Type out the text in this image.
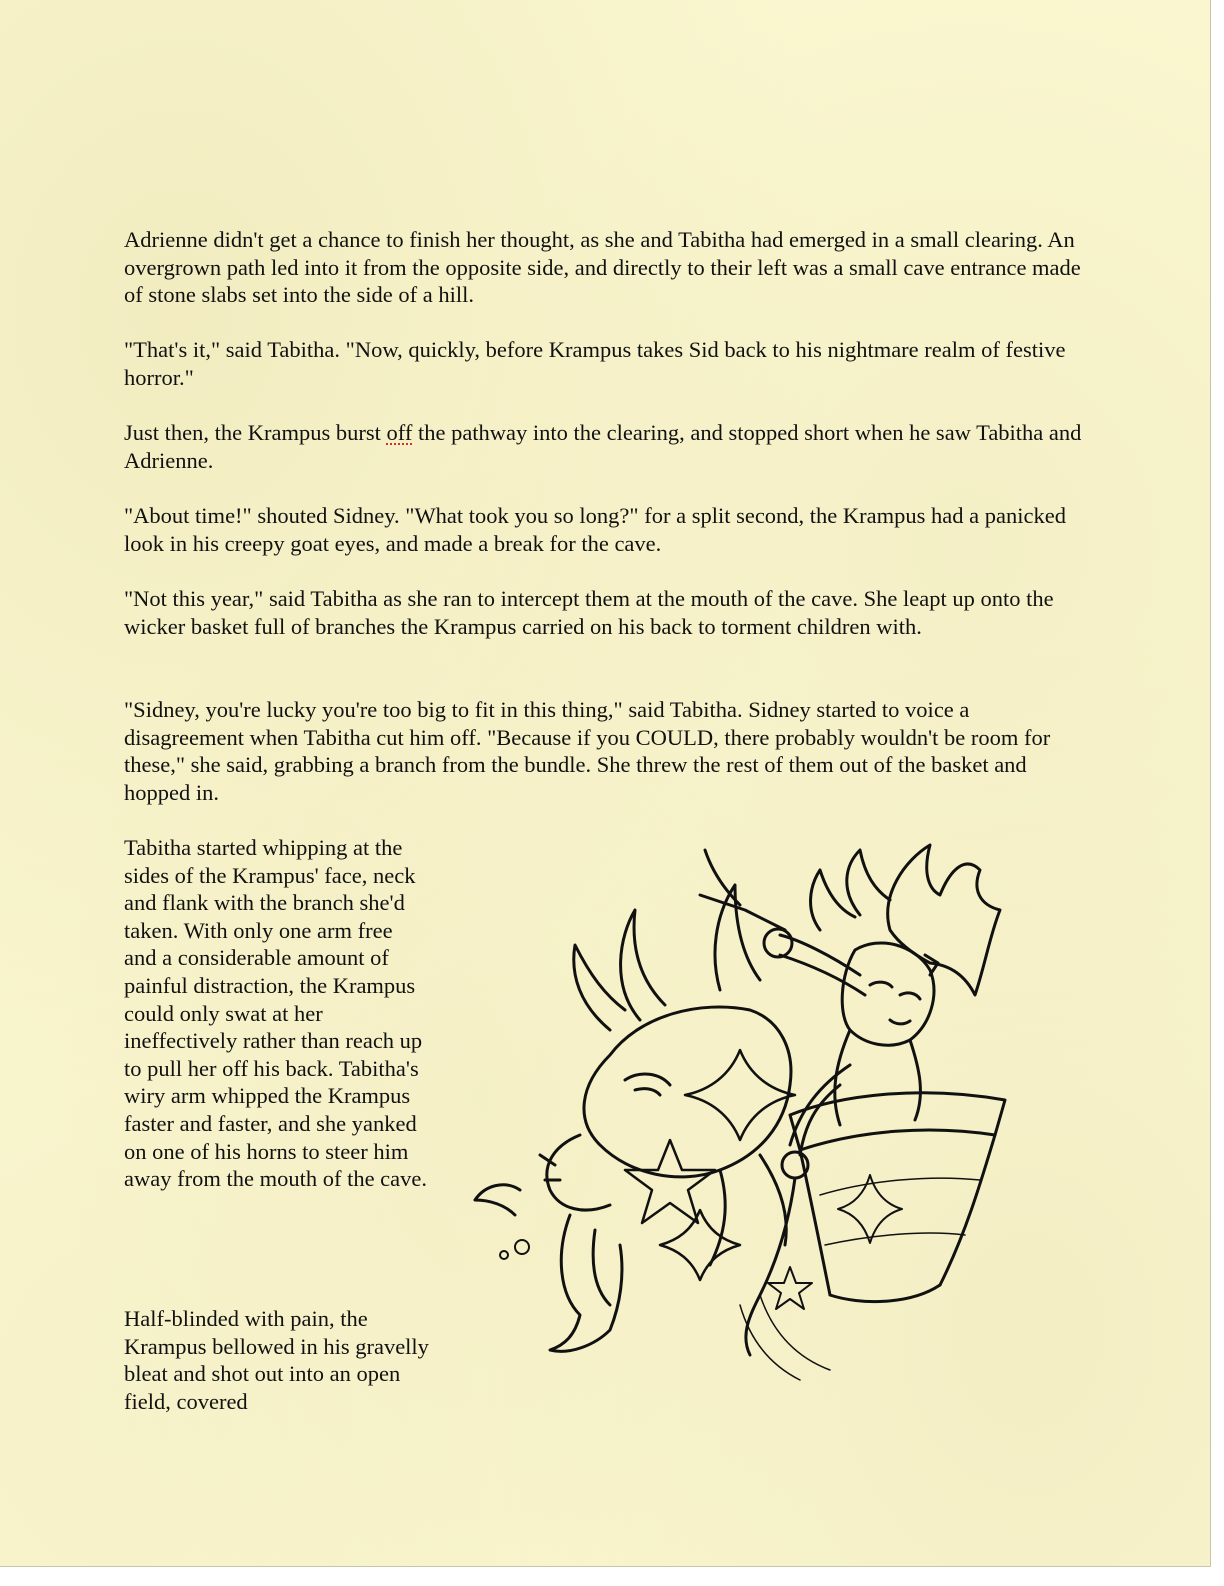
Adrienne didn't get a chance to finish her thought, as she and Tabitha had emerged in a small clearing. An overgrown path led into it from the opposite side, and directly to their left was a small cave entrance made of stone slabs set into the side of a hill.

"That's it," said Tabitha. "Now, quickly, before Krampus takes Sid back to his nightmare realm of festive horror."

Just then, the Krampus burst off the pathway into the clearing, and stopped short when he saw Tabitha and Adrienne.

"About time!" shouted Sidney. "What took you so long?" for a split second, the Krampus had a panicked look in his creepy goat eyes, and made a break for the cave.

"Not this year," said Tabitha as she ran to intercept them at the mouth of the cave. She leapt up onto the wicker basket full of branches the Krampus carried on his back to torment children with.

"Sidney, you're lucky you're too big to fit in this thing," said Tabitha. Sidney started to voice a disagreement when Tabitha cut him off. "Because if you COULD, there probably wouldn't be room for these," she said, grabbing a branch from the bundle. She threw the rest of them out of the basket and hopped in.

Tabitha started whipping at the sides of the Krampus' face, neck and flank with the branch she'd taken. With only one arm free and a considerable amount of painful distraction, the Krampus could only swat at her ineffectively rather than reach up to pull her off his back. Tabitha's wiry arm whipped the Krampus faster and faster, and she yanked on one of his horns to steer him away from the mouth of the cave.

Half-blinded with pain, the Krampus bellowed in his gravelly bleat and shot out into an open field, covered
